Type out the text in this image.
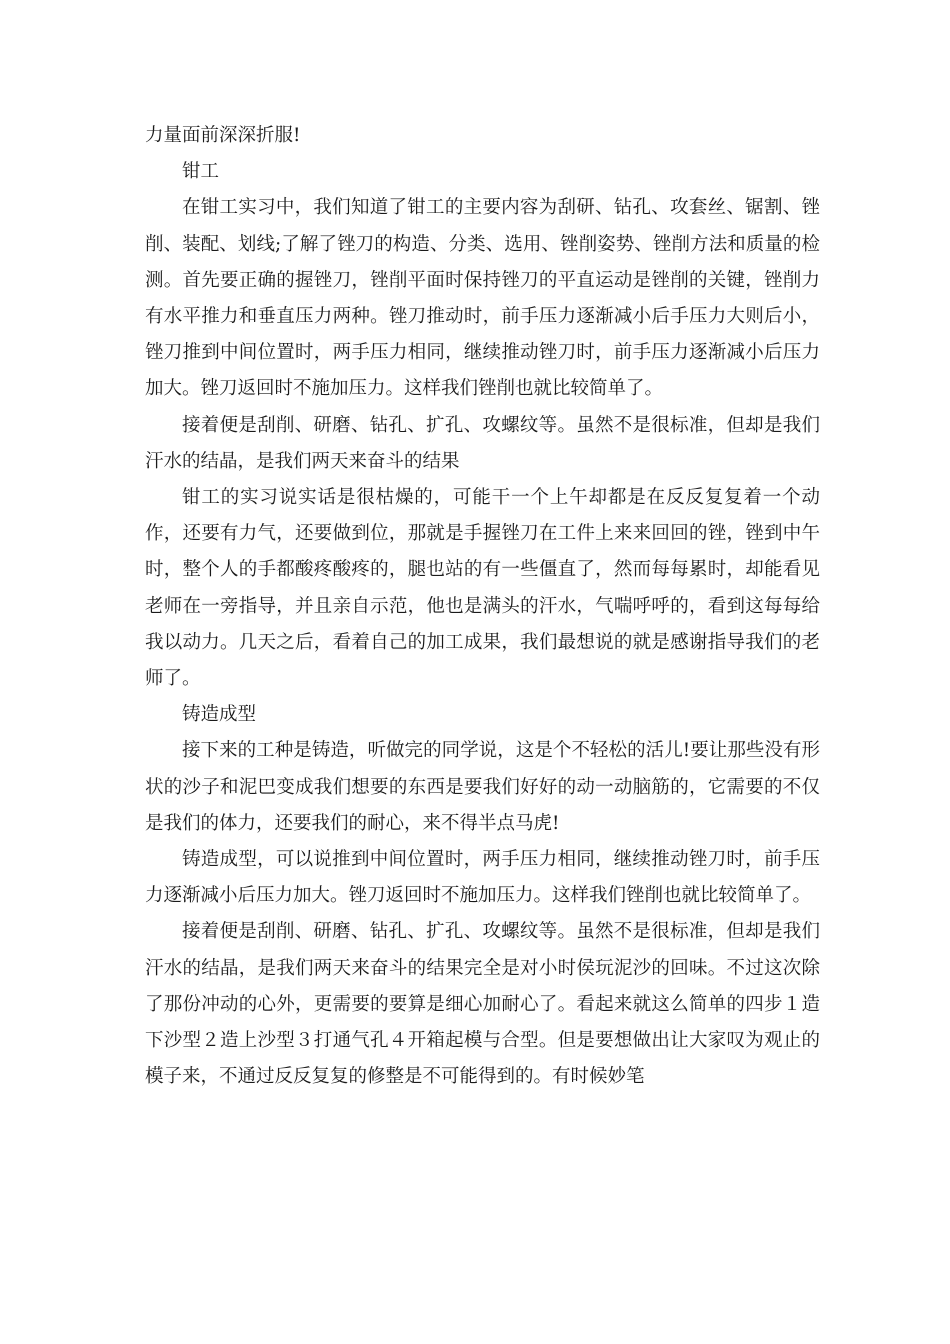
力量面前深深折服!

钳工

在钳工实习中，我们知道了钳工的主要内容为刮研、钻孔、攻套丝、锯割、锉削、装配、划线;了解了锉刀的构造、分类、选用、锉削姿势、锉削方法和质量的检测。首先要正确的握锉刀，锉削平面时保持锉刀的平直运动是锉削的关键，锉削力有水平推力和垂直压力两种。锉刀推动时，前手压力逐渐减小后手压力大则后小，锉刀推到中间位置时，两手压力相同，继续推动锉刀时，前手压力逐渐减小后压力加大。锉刀返回时不施加压力。这样我们锉削也就比较简单了。

接着便是刮削、研磨、钻孔、扩孔、攻螺纹等。虽然不是很标准，但却是我们汗水的结晶，是我们两天来奋斗的结果

钳工的实习说实话是很枯燥的，可能干一个上午却都是在反反复复着一个动作，还要有力气，还要做到位，那就是手握锉刀在工件上来来回回的锉，锉到中午时，整个人的手都酸疼酸疼的，腿也站的有一些僵直了，然而每每累时，却能看见老师在一旁指导，并且亲自示范，他也是满头的汗水，气喘呼呼的，看到这每每给我以动力。几天之后，看着自己的加工成果，我们最想说的就是感谢指导我们的老师了。

铸造成型

接下来的工种是铸造，听做完的同学说，这是个不轻松的活儿!要让那些没有形状的沙子和泥巴变成我们想要的东西是要我们好好的动一动脑筋的，它需要的不仅是我们的体力，还要我们的耐心，来不得半点马虎!

铸造成型，可以说推到中间位置时，两手压力相同，继续推动锉刀时，前手压力逐渐减小后压力加大。锉刀返回时不施加压力。这样我们锉削也就比较简单了。

接着便是刮削、研磨、钻孔、扩孔、攻螺纹等。虽然不是很标准，但却是我们汗水的结晶，是我们两天来奋斗的结果完全是对小时侯玩泥沙的回味。不过这次除了那份冲动的心外，更需要的要算是细心加耐心了。看起来就这么简单的四步１造下沙型２造上沙型３打通气孔４开箱起模与合型。但是要想做出让大家叹为观止的模子来，不通过反反复复的修整是不可能得到的。有时候妙笔
